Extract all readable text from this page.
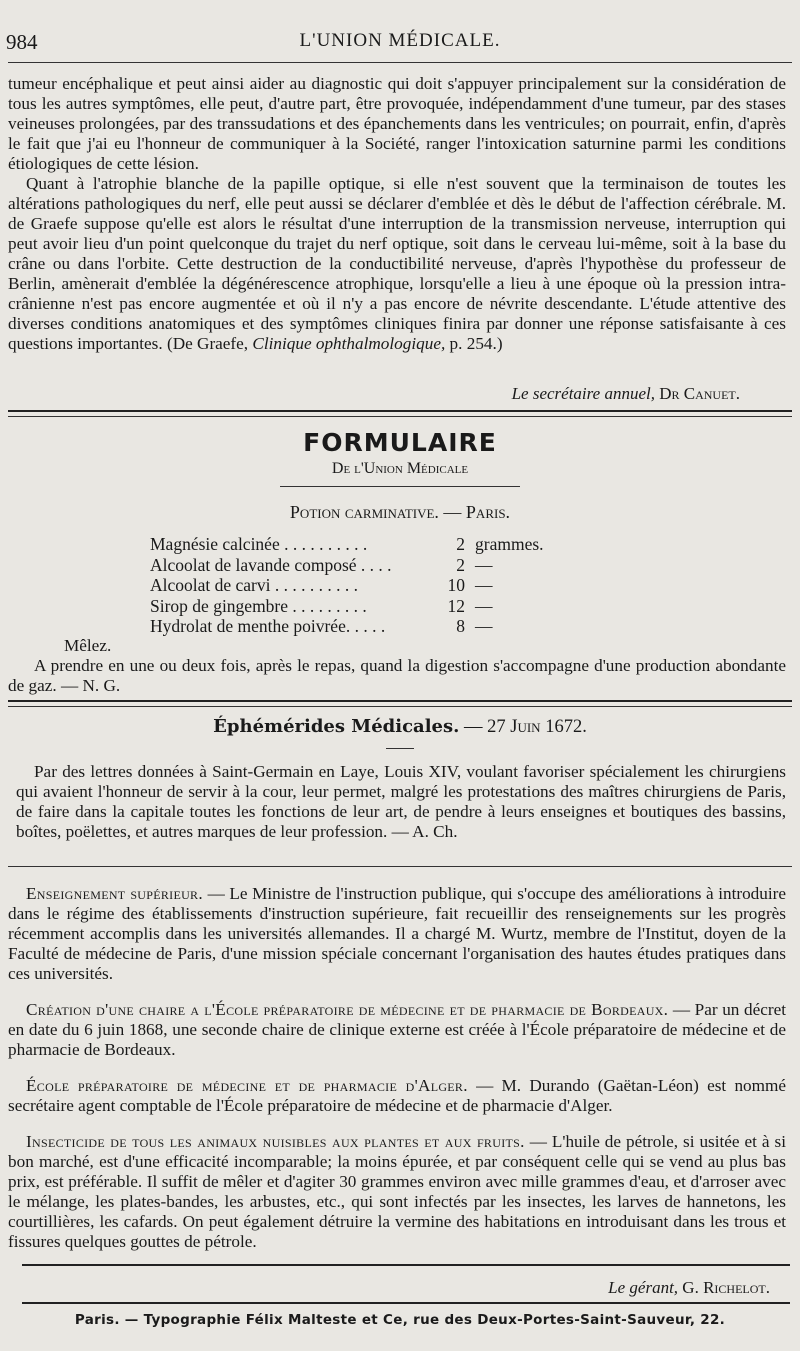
984	L'UNION MÉDICALE.

tumeur encéphalique et peut ainsi aider au diagnostic qui doit s'appuyer principalement sur la considération de tous les autres symptômes, elle peut, d'autre part, être provoquée, indépendamment d'une tumeur, par des stases veineuses prolongées, par des transsudations et des épanchements dans les ventricules; on pourrait, enfin, d'après le fait que j'ai eu l'honneur de communiquer à la Société, ranger l'intoxication saturnine parmi les conditions étiologiques de cette lésion.

Quant à l'atrophie blanche de la papille optique, si elle n'est souvent que la terminaison de toutes les altérations pathologiques du nerf, elle peut aussi se déclarer d'emblée et dès le début de l'affection cérébrale. M. de Graefe suppose qu'elle est alors le résultat d'une interruption de la transmission nerveuse, interruption qui peut avoir lieu d'un point quelconque du trajet du nerf optique, soit dans le cerveau lui-même, soit à la base du crâne ou dans l'orbite. Cette destruction de la conductibilité nerveuse, d'après l'hypothèse du professeur de Berlin, amènerait d'emblée la dégénérescence atrophique, lorsqu'elle a lieu à une époque où la pression intra-crânienne n'est pas encore augmentée et où il n'y a pas encore de névrite descendante. L'étude attentive des diverses conditions anatomiques et des symptômes cliniques finira par donner une réponse satisfaisante à ces questions importantes. (De Graefe, Clinique ophthalmologique, p. 254.)

Le secrétaire annuel, Dr Canuet.
FORMULAIRE
De l'Union Médicale
Potion carminative. — Paris.
Magnésie calcinée . . . . . . . . . .	2 grammes.
Alcoolat de lavande composé . . . .	2 —
Alcoolat de carvi . . . . . . . . . .	10 —
Sirop de gingembre . . . . . . . . .	12 —
Hydrolat de menthe poivrée. . . . .	8 —
Mêlez.

A prendre en une ou deux fois, après le repas, quand la digestion s'accompagne d'une production abondante de gaz. — N. G.

Éphémérides Médicales. — 27 Juin 1672.

Par des lettres données à Saint-Germain en Laye, Louis XIV, voulant favoriser spécialement les chirurgiens qui avaient l'honneur de servir à la cour, leur permet, malgré les protestations des maîtres chirurgiens de Paris, de faire dans la capitale toutes les fonctions de leur art, de pendre à leurs enseignes et boutiques des bassins, boîtes, poëlettes, et autres marques de leur profession. — A. Ch.

Enseignement supérieur. — Le Ministre de l'instruction publique, qui s'occupe des améliorations à introduire dans le régime des établissements d'instruction supérieure, fait recueillir des renseignements sur les progrès récemment accomplis dans les universités allemandes. Il a chargé M. Wurtz, membre de l'Institut, doyen de la Faculté de médecine de Paris, d'une mission spéciale concernant l'organisation des hautes études pratiques dans ces universités.

Création d'une chaire a l'École préparatoire de médecine et de pharmacie de Bordeaux. — Par un décret en date du 6 juin 1868, une seconde chaire de clinique externe est créée à l'École préparatoire de médecine et de pharmacie de Bordeaux.

École préparatoire de médecine et de pharmacie d'Alger. — M. Durando (Gaëtan-Léon) est nommé secrétaire agent comptable de l'École préparatoire de médecine et de pharmacie d'Alger.

Insecticide de tous les animaux nuisibles aux plantes et aux fruits. — L'huile de pétrole, si usitée et à si bon marché, est d'une efficacité incomparable; la moins épurée, et par conséquent celle qui se vend au plus bas prix, est préférable. Il suffit de mêler et d'agiter 30 grammes environ avec mille grammes d'eau, et d'arroser avec le mélange, les plates-bandes, les arbustes, etc., qui sont infectés par les insectes, les larves de hannetons, les courtillières, les cafards. On peut également détruire la vermine des habitations en introduisant dans les trous et fissures quelques gouttes de pétrole.

Le gérant, G. Richelot.
Paris. — Typographie Félix Malteste et Ce, rue des Deux-Portes-Saint-Sauveur, 22.
